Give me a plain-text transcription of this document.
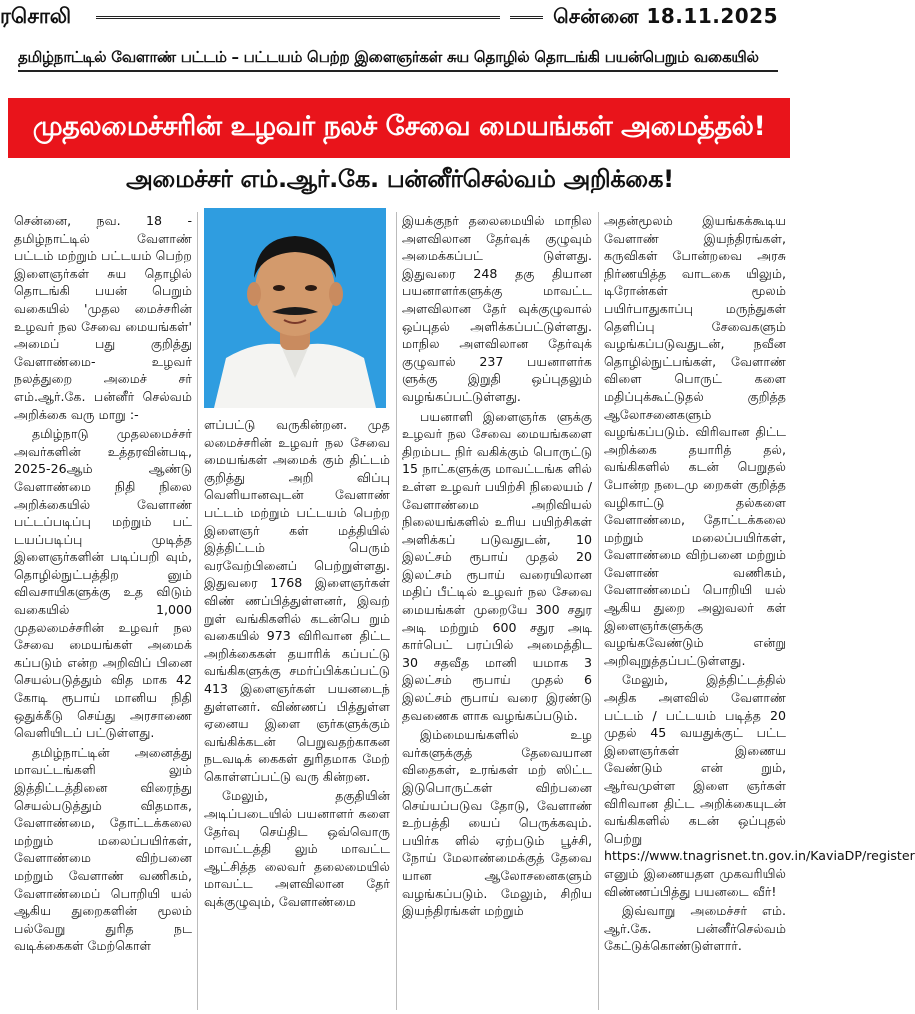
ரசொலி	சென்னை 18.11.2025
தமிழ்நாட்டில் வேளாண் பட்டம் – பட்டயம் பெற்ற இளைஞர்கள் சுய தொழில் தொடங்கி பயன்பெறும் வகையில்
முதலமைச்சரின் உழவர் நலச் சேவை மையங்கள் அமைத்தல்!
அமைச்சர் எம்.ஆர்.கே. பன்னீர்செல்வம் அறிக்கை!

சென்னை, நவ. 18 - தமிழ்நாட்டில் வேளாண் பட்டம் மற்றும் பட்டயம் பெற்ற இளைஞர்கள் சுய தொழில் தொடங்கி பயன் பெறும் வகையில் 'முதல மைச்சரின் உழவர் நல சேவை மையங்கள்' அமைப் பது குறித்து வேளாண்மை- உழவர் நலத்துறை அமைச் சர் எம்.ஆர்.கே. பன்னீர் செல்வம் அறிக்கை வரு மாறு :-

தமிழ்நாடு முதலமைச்சர் அவர்களின் உத்தரவின்படி, 2025-26ஆம் ஆண்டு வேளாண்மை நிதி நிலை அறிக்கையில் வேளாண் பட்டப்படிப்பு மற்றும் பட் டயப்படிப்பு முடித்த இளைஞர்களின் படிப்பறி வும், தொழில்நுட்பத்திற னும் விவசாயிகளுக்கு உத விடும் வகையில் 1,000 முதலமைச்சரின் உழவர் நல சேவை மையங்கள் அமைக் கப்படும் என்ற அறிவிப் பினை செயல்படுத்தும் வித மாக 42 கோடி ரூபாய் மானிய நிதி ஒதுக்கீடு செய்து அரசாணை வெளியிடப் பட்டுள்ளது.

தமிழ்நாட்டின் அனைத்து மாவட்டங்களி லும் இத்திட்டத்தினை விரைந்து செயல்படுத்தும் விதமாக, வேளாண்மை, தோட்டக்கலை மற்றும் மலைப்பயிர்கள், வேளாண்மை விற்பனை மற்றும் வேளாண் வணிகம், வேளாண்மைப் பொறியி யல் ஆகிய துறைகளின் மூலம் பல்வேறு துரித நட வடிக்கைகள் மேற்கொள்

ளப்பட்டு வருகின்றன. முத லமைச்சரின் உழவர் நல சேவை மையங்கள் அமைக் கும் திட்டம் குறித்து அறி விப்பு வெளியானவுடன் வேளாண் பட்டம் மற்றும் பட்டயம் பெற்ற இளைஞர் கள் மத்தியில் இத்திட்டம் பெரும் வரவேற்பினைப் பெற்றுள்ளது. இதுவரை 1768 இளைஞர்கள் விண் ணப்பித்துள்ளனர், இவற் றுள் வங்கிகளில் கடன்பெ றும் வகையில் 973 விரிவான திட்ட அறிக்கைகள் தயாரிக் கப்பட்டு வங்கிகளுக்கு சமர்ப்பிக்கப்பட்டு 413 இளைஞர்கள் பயனடைந் துள்ளனர். விண்ணப் பித்துள்ள ஏனைய இளை ஞர்களுக்கும் வங்கிக்கடன் பெறுவதற்காகன நடவடிக் கைகள் துரிதமாக மேற் கொள்ளப்பட்டு வரு கின்றன.

மேலும், தகுதியின் அடிப்படையில் பயனாளர் களை தேர்வு செய்திட ஒவ்வொரு மாவட்டத்தி லும் மாவட்ட ஆட்சித்த லைவர் தலைமையில் மாவட்ட அளவிலான தேர் வுக்குழுவும், வேளாண்மை

இயக்குநர் தலைமையில் மாநில அளவிலான தேர்வுக் குழுவும் அமைக்கப்பட் டுள்ளது. இதுவரை 248 தகு தியான பயனாளர்களுக்கு மாவட்ட அளவிலான தேர் வுக்குழுவால் ஒப்புதல் அளிக்கப்பட்டுள்ளது. மாநில அளவிலான தேர்வுக் குழுவால் 237 பயனாளர்க ளுக்கு இறுதி ஒப்புதலும் வழங்கப்பட்டுள்ளது.

பயனாளி இளைஞர்க ளுக்கு உழவர் நல சேவை மையங்களை திறம்பட நிர் வகிக்கும் பொருட்டு 15 நாட்களுக்கு மாவட்டங்க ளில் உள்ள உழவர் பயிற்சி நிலையம் / வேளாண்மை அறிவியல் நிலையங்களில் உரிய பயிற்சிகள் அளிக்கப் படுவதுடன், 10 இலட்சம் ரூபாய் முதல் 20 இலட்சம் ரூபாய் வரையிலான மதிப் பீட்டில் உழவர் நல சேவை மையங்கள் முறையே 300 சதுர அடி மற்றும் 600 சதுர அடி கார்பெட் பரப்பில் அமைத்திட 30 சதவீத மானி யமாக 3 இலட்சம் ரூபாய் முதல் 6 இலட்சம் ரூபாய் வரை இரண்டு தவணைக ளாக வழங்கப்படும்.

இம்மையங்களில் உழ வர்களுக்குத் தேவையான விதைகள், உரங்கள் மற் ஸிட்ட இடுபொருட்கள் விற்பனை செய்யப்படுவ தோடு, வேளாண் உற்பத்தி யைப் பெருக்கவும். பயிர்க ளில் ஏற்படும் பூச்சி, நோய் மேலாண்மைக்குத் தேவை யான ஆலோசனைகளும் வழங்கப்படும். மேலும், சிறிய இயந்திரங்கள் மற்றும்

அதன்மூலம் இயங்கக்கூடிய வேளாண் இயந்திரங்கள், கருவிகள் போன்றவை அரசு நிர்ணயித்த வாடகை யிலும், டிரோன்கள் மூலம் பயிர்பாதுகாப்பு மருந்துகள் தெளிப்பு சேவைகளும் வழங்கப்படுவதுடன், நவீன தொழில்நுட்பங்கள், வேளாண் விளை பொருட் களை மதிப்புக்கூட்டுதல் குறித்த ஆலோசனைகளும் வழங்கப்படும். விரிவான திட்ட அறிக்கை தயாரித் தல், வங்கிகளில் கடன் பெறுதல் போன்ற நடைமு றைகள் குறித்த வழிகாட்டு தல்களை வேளாண்மை, தோட்டக்கலை மற்றும் மலைப்பயிர்கள், வேளாண்மை விற்பனை மற்றும் வேளாண் வணிகம், வேளாண்மைப் பொறியி யல் ஆகிய துறை அலுவலர் கள் இளைஞர்களுக்கு வழங்கவேண்டும் என்று அறிவுறுத்தப்பட்டுள்ளது.

மேலும், இத்திட்டத்தில் அதிக அளவில் வேளாண் பட்டம் / பட்டயம் படித்த 20 முதல் 45 வயதுக்குட் பட்ட இளைஞர்கள் இணைய வேண்டும் என் றும், ஆர்வமுள்ள இளை ஞர்கள் விரிவான திட்ட அறிக்கையுடன் வங்கிகளில் கடன் ஒப்புதல் பெற்று https://www.tnagrisnet.tn.gov.in/KaviaDP/register எனும் இணையதள முகவரியில் விண்ணப்பித்து பயனடை வீர்!

இவ்வாறு அமைச்சர் எம். ஆர்.கே. பன்னீர்செல்வம் கேட்டுக்கொண்டுள்ளார்.
